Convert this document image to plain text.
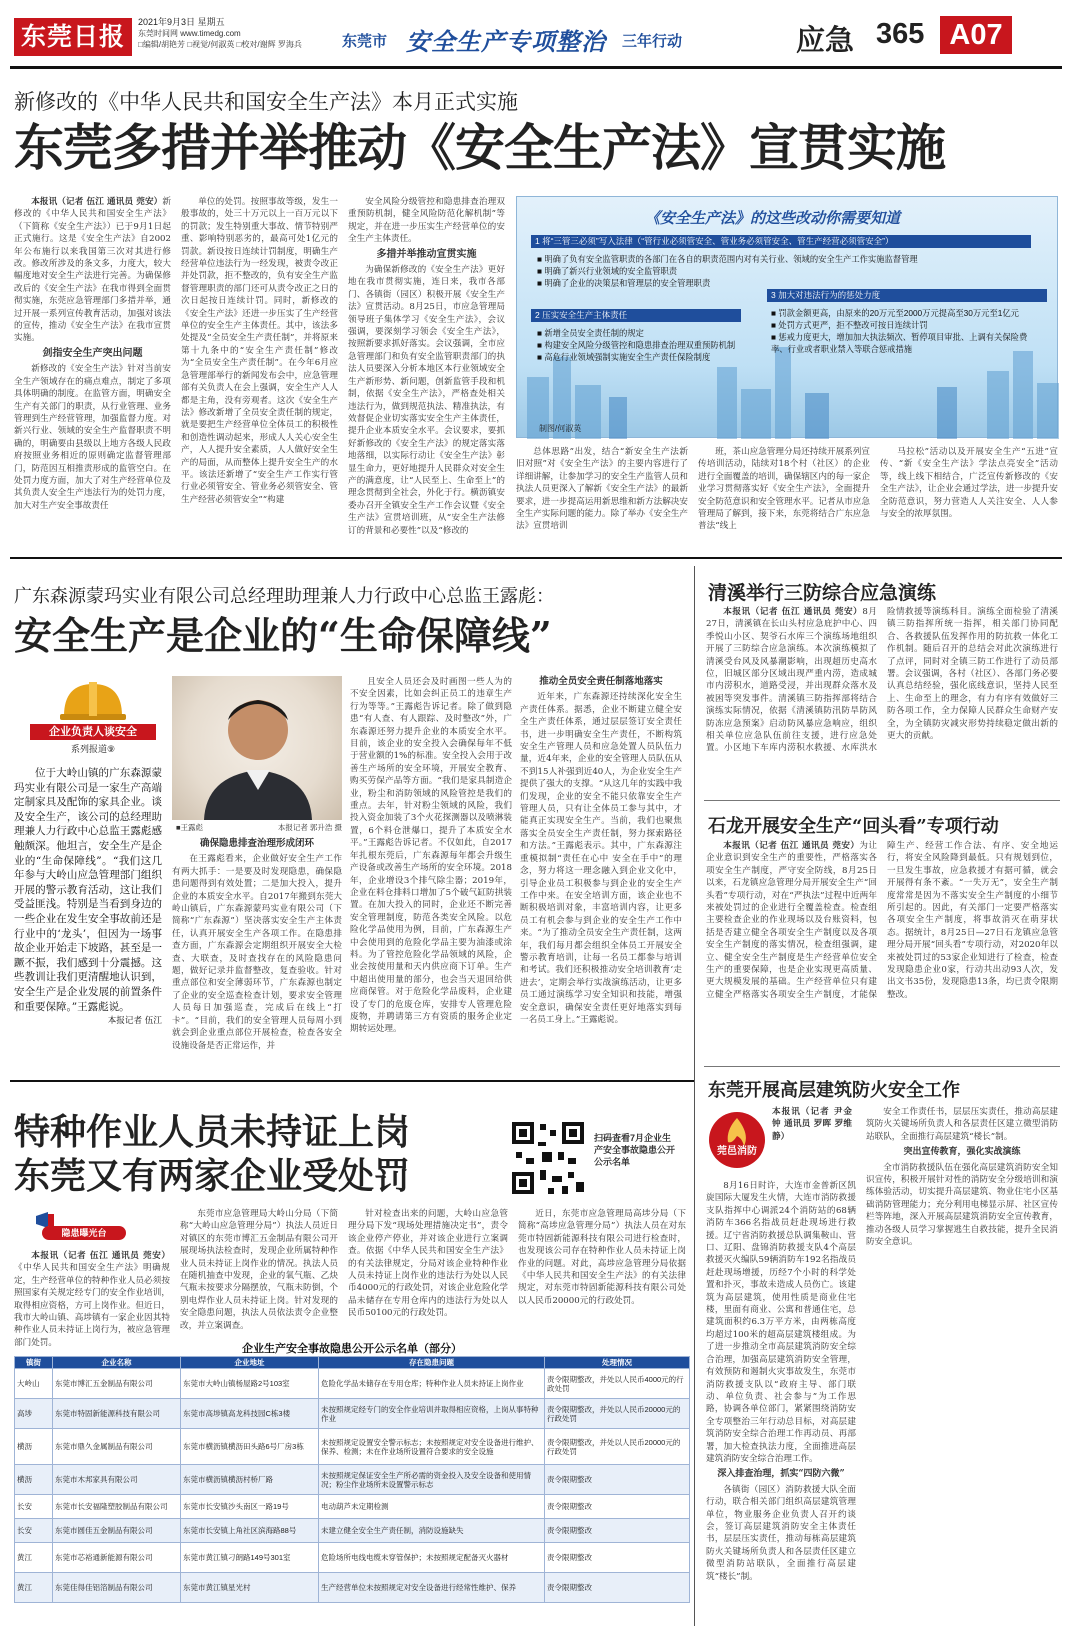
东莞日报	2021年9月3日 星期五
东莞时间网 www.timedg.com
□编辑/胡艳芳 □视觉/何淑英 □校对/谢辉 罗海兵	东莞市 安全生产专项整治 三年行动	应急 365 A07
新修改的《中华人民共和国安全生产法》本月正式实施
东莞多措并举推动《安全生产法》宣贯实施

本报讯（记者 伍江 通讯员 莞安）新修改的《中华人民共和国安全生产法》（下简称《安全生产法》）已于9月1日起正式施行。这是《安全生产法》自2002年公布施行以来我国第三次对其进行修改。修改所涉及的条文多，力度大，较大幅度地对安全生产法进行完善。为确保修改后的《安全生产法》在我市得到全面贯彻实施，东莞应急管理部门多措并举，通过开展一系列宣传教育活动，加强对该法的宣传，推动《安全生产法》在我市宣贯实施。

剑指安全生产突出问题

新修改的《安全生产法》针对当前安全生产领域存在的痛点难点，制定了多项具体明确的制度。在监管方面，明确安全生产有关部门的职责，从行业管理、业务管理到生产经营管理，加强监督力度。对新兴行业、领域的安全生产监督职责不明确的，明确要由县级以上地方各级人民政府按照业务相近的原则确定监督管理部门，防范因互相推责形成的监管空白。在处罚力度方面，加大了对生产经营单位及其负责人安全生产违法行为的处罚力度，加大对生产安全事故责任

单位的处罚。按照事故等级，发生一般事故的，处三十万元以上一百万元以下的罚款；发生特别重大事故、情节特别严重、影响特别恶劣的，最高可处1亿元的罚款。新设按日连续计罚制度，明确生产经营单位违法行为一经发现，被责令改正并处罚款，拒不整改的，负有安全生产监督管理职责的部门还可从责令改正之日的次日起按日连续计罚。同时，新修改的《安全生产法》还进一步压实了生产经营单位的安全生产主体责任。其中，该法多处提及“全员安全生产责任制”，并将原来第十九条中的“安全生产责任制”修改为“全员安全生产责任制”。在今年6月应急管理部举行的新闻发布会中，应急管理部有关负责人在会上强调，安全生产人人都是主角，没有旁观者。这次《安全生产法》修改新增了全员安全责任制的规定，就是要把生产经营单位全体员工的积极性和创造性调动起来，形成人人关心安全生产，人人提升安全素质，人人做好安全生产的局面，从而整体上提升安全生产的水平。该法还新增了“安全生产工作实行管行业必须管安全、管业务必须管安全、管生产经营必须管安全”“构建

安全风险分级管控和隐患排查治理双重预防机制，健全风险防范化解机制”等规定，并在进一步压实生产经营单位的安全生产主体责任。

多措并举推动宣贯实施

为确保新修改的《安全生产法》更好地在我市贯彻实施，连日来，我市各部门、各镇街（园区）积极开展《安全生产法》宣贯活动。8月25日，市应急管理局领导班子集体学习《安全生产法》，会议强调，要深刻学习领会《安全生产法》，按照新要求抓好落实。会议强调，全市应急管理部门和负有安全监管职责部门的执法人员要深入分析本地区本行业领域安全生产新形势、新问题，创新监管手段和机制，依据《安全生产法》，严格查处相关违法行为，做到规范执法、精准执法，有效督促企业切实落实安全生产主体责任，提升企业本质安全水平。会议要求，要抓好新修改的《安全生产法》的规定落实落地落细，以实际行动让《安全生产法》彰显生命力，更好地提升人民群众对安全生产的满意度，让“人民至上、生命至上”的理念贯彻到全社会，外化于行。横沥镇安委办召开全镇安全生产工作会议暨《安全生产法》宣贯培训班，从“安全生产法修订的背景和必要性”以及“修改的

《安全生产法》的这些改动你需要知道
1 将“三管三必须”写入法律（“管行业必须管安全、管业务必须管安全、管生产经营必须管安全”）
■ 明确了负有安全监管职责的各部门在各自的职责范围内对有关行业、领域的安全生产工作实施监督管理
■ 明确了新兴行业领域的安全监管职责
■ 明确了企业的决策层和管理层的安全管理职责
2 压实安全生产主体责任
■ 新增全员安全责任制的规定
■ 构建安全风险分级管控和隐患排查治理双重预防机制
■ 高危行业领域强制实施安全生产责任保险制度
3 加大对违法行为的惩处力度
■ 罚款金额更高，由原来的20万元至2000万元提高至30万元至1亿元
■ 处罚方式更严，拒不整改可按日连续计罚
■ 惩戒力度更大，增加加大执法频次、暂停项目审批、上调有关保险费率、行业或者职业禁入等联合惩戒措施
制图/何淑英

总体思路”出发，结合“新安全生产法新旧对照”对《安全生产法》的主要内容进行了详细讲解，让参加学习的安全生产监管人员和执法人员更深入了解新《安全生产法》的最新要求，进一步提高运用新思维和新方法解决安全生产实际问题的能力。除了举办《安全生产法》宣贯培训

班，茶山应急管理分局还持续开展系列宣传培训活动，陆续对18个村（社区）的企业进行全面覆盖的培训，确保辖区内的每一家企业学习贯彻落实好《安全生产法》，全面提升安全防范意识和安全管理水平。记者从市应急管理局了解到，接下来，东莞将结合广东应急普法“线上

马拉松”活动以及开展安全生产“五进”宣传、“新《安全生产法》学法点亮安全”活动等，线上线下相结合，广泛宣传新修改的《安全生产法》，让企业会通过学法，进一步提升安全防范意识，努力营造人人关注安全、人人参与安全的浓厚氛围。

广东森源蒙玛实业有限公司总经理助理兼人力行政中心总监王露彪：
安全生产是企业的“生命保障线”
企业负责人谈安全
系列报道⑨

位于大岭山镇的广东森源蒙玛实业有限公司是一家生产高端定制家具及配饰的家具企业。谈及安全生产，该公司的总经理助理兼人力行政中心总监王露彪感触颇深。他坦言，安全生产是企业的“生命保障线”。“我们这几年参与大岭山应急管理部门组织开展的警示教育活动，这让我们受益匪浅。特别是当看到身边的一些企业在发生安全事故前还是行业中的‘龙头’，但因为一场事故企业开始走下坡路，甚至是一蹶不振，我们感到十分震撼。这些教训让我们更清醒地认识到，安全生产是企业发展的前置条件和重要保障。”王露彪说。

本报记者 伍江
■王露彪	本报记者 郭升浩 摄
确保隐患排查治理形成闭环

在王露彪看来，企业做好安全生产工作有两大抓手：一是要及时发现隐患，确保隐患问题得到有效处置；二是加大投入，提升企业的本质安全水平。自2017年搬到东莞大岭山镇后，广东森源蒙玛实业有限公司（下简称“广东森源”）坚决落实安全生产主体责任，认真开展安全生产各项工作。在隐患排查方面，广东森源会定期组织开展安全大检查、大联查，及时查找存在的风险隐患问题，做好记录并监督整改，复查验收。针对重点部位和安全薄弱环节，广东森源也制定了企业的安全巡查检查计划，要求安全管理人员每日加强巡查，完成后在线上“打卡”。“目前，我们的安全管理人员每周小到就会到企业重点部位开展检查，检查各安全设施设备是否正常运作，并

且安全人员还会及时画图一些人为的不安全因素，比如会纠正员工的违章生产行为等等。”王露彪告诉记者。除了做到隐患“有人查、有人跟踪、及时整改”外，广东森源还努力提升企业的本质安全水平。目前，该企业的安全投入会确保每年不低于营业额的1%的标准。安全投入会用于改善生产场所的安全环境，开展安全教育、购买劳保产品等方面。“我们是家具制造企业，粉尘和消防领域的风险管控是我们的重点。去年，针对粉尘领域的风险，我们投入资金加装了3个火花探测器以及喷淋装置，6个料仓泄爆口，提升了本质安全水平。”王露彪告诉记者。不仅如此，自2017年扎根东莞后，广东森源每年都会升级生产设备或改善生产场所的安全环境。2018年，企业增设3个排气除尘器；2019年，企业在料仓排料口增加了5个破气缸防拱装置。在加大投入的同时，企业还不断完善安全管理制度，防范各类安全风险。以危险化学品使用为例，目前，广东森源生产中会使用到的危险化学品主要为油漆或涂料。为了管控危险化学品领域的风险，企业会按使用量和天内供应商下订单。生产中超出使用量的部分，也会当天退回给供应商保管。对于危险化学品废料，企业建设了专门的危废仓库，安排专人管理危险废物，并聘请第三方有资质的服务企业定期转运处理。

推动全员安全责任制落地落实

近年来，广东森源还持续深化安全生产责任体系。据悉，企业不断建立健全安全生产责任体系，通过层层签订安全责任书，进一步明确安全生产责任，不断构筑安全生产管理人员和应急处置人员队伍力量，近4年来，企业的安全管理人员队伍从不到15人补强到近40人，为企业安全生产提供了强大的支撑。“从这几年的实践中我们发现，企业的安全不能只依靠安全生产管理人员，只有让全体员工参与其中，才能真正实现安全生产。当前，我们也聚焦落实全员安全生产责任制，努力探索路径和方法。”王露彪表示。其中，广东森源注重模拟制“责任在心中 安全在手中”的理念，努力将这一理念融入到企业文化中，引导企业员工积极参与到企业的安全生产工作中来。在安全培训方面，该企业也不断积极培训对象，丰富培训内容，让更多员工有机会参与到企业的安全生产工作中来。“为了推动全员安全生产责任制，这两年，我们每月都会组织全体员工开展安全警示教育培训，让每一名员工都参与培训和考试。我们还积极推动安全培训教育‘走进去’，定期会举行实战演练活动，让更多员工通过演练学习安全知识和技能，增强安全意识，确保安全责任更好地落实到每一名员工身上。”王露彪说。

清溪举行三防综合应急演练

本报讯（记者 伍江 通讯员 莞安）8月27日，清溪镇在长山头村应急庇护中心、四季悦山小区、契爷石水库三个演练场地组织开展了三防综合应急演练。本次演练模拟了清溪受台风及风暴潮影响，出现超历史高水位，旧城区部分区域出现严重内涝，造成城市内涝积水，道路受浸，并出现群众落水及被困等突发事件。清溪镇三防指挥部将结合演练实际情况，依据《清溪镇防汛防旱防风防冻应急预案》启动防风暴应急响应，组织相关单位应急队伍前往支援，进行应急处置。小区地下车库内涝积水救援、水库洪水险情救援等演练科目。演练全面检验了清溪镇三防指挥所统一指挥，相关部门协同配合、各救援队伍发挥作用的防抗救一体化工作机制。随后召开的总结会对此次演练进行了点评，同时对全镇三防工作进行了动员部署。会议强调，各村（社区）、各部门务必要认真总结经验，强化底线意识，坚持人民至上、生命至上的理念，有力有序有效做好三防各项工作，全力保障人民群众生命财产安全，为全镇防灾减灾形势持续稳定做出新的更大的贡献。

石龙开展安全生产“回头看”专项行动

本报讯（记者 伍江 通讯员 莞安）为让企业意识到安全生产的重要性，严格落实各项安全生产制度，严守安全防线，8月25日以来，石龙镇应急管理分局开展安全生产“回头看”专项行动，对在“严执法”过程中近两年来被处罚过的企业进行全覆盖检查。检查组主要检查企业的作业现场以及台账资料，包括是否建立健全各项安全生产制度以及各项安全生产制度的落实情况，检查组强调，建立、健全安全生产制度是生产经营单位安全生产的重要保障，也是企业实现更高质量、更大规模发展的基础。生产经营单位只有建立健全严格落实各项安全生产制度，才能保障生产、经营工作合法、有序、安全地运行，将安全风险降到最低。只有规划到位，一旦发生事故，应急救援才有据可循，就会开展得有条不紊。“一失万无”，安全生产制度常常是因为不落实安全生产制度的小细节所引起的。因此，有关部门一定要严格落实各项安全生产制度，将事故消灭在萌芽状态。据统计，8月25日—27日石龙镇应急管理分局开展“回头看”专项行动，对2020年以来被处罚过的53家企业知进行了检查，检查发现隐患企业0家，行动共出动93人次，发出文书35份，发现隐患13条，均已责令限期整改。

东莞开展高层建筑防火安全工作
莞邑消防
本报讯（记者 尹金钟 通讯员 罗晖 罗维静）

8月16日时许，大连市金普新区凯旋国际大厦发生火情，大连市消防救援支队指挥中心调派24个消防站的68辆消防车366名指战员赶赴现场进行救援。辽宁省消防救援总队调集鞍山、营口、辽阳、盘锦消防救援支队4个高层救援灭火编队59辆消防车192名指战员赶赴现场增援，历经7个小时的科学处置和扑灭，事故未造成人员伤亡。该建筑为高层建筑，使用性质是商业住宅楼，里面有商业、公寓和普通住宅，总建筑面积约6.3万平方米，由两栋高度均超过100米的超高层建筑楼组成。为了进一步推动全市高层建筑消防安全综合治理，加强高层建筑消防安全管理，有效预防和遏制火灾事故发生，东莞市消防救援支队以“政府主导、部门联动、单位负责、社会参与”为工作思路，协调各单位部门，紧紧围绕消防安全专项整治三年行动总目标，对高层建筑消防安全综合治理工作再动员、再部署，加大检查执法力度，全面推进高层建筑消防安全综合治理工作。

深入排查治理，抓实“四防六微”

各镇街（园区）消防救援大队全面行动，联合相关部门组织高层建筑管理单位，物业服务企业负责人召开约谈会，签订高层建筑消防安全主体责任书，层层压实责任，推动每栋高层建筑防火关键场所负责人和各层责任区建立微型消防站联队，全面推行高层建筑“楼长”制。

安全工作责任书，层层压实责任，推动高层建筑防火关键场所负责人和各层责任区建立微型消防站联队，全面推行高层建筑“楼长”制。

突出宣传教育，强化实战演练

全市消防救援队伍在强化高层建筑消防安全知识宣传，积极开展针对性的消防安全分级培训和演练体验活动，切实提升高层建筑、物业住宅小区基础消防管理能力；充分利用电梯显示屏、社区宣传栏等阵地，深入开展高层建筑消防安全宣传教育，推动各级人员学习掌握逃生自救技能，提升全民消防安全意识。

特种作业人员未持证上岗
东莞又有两家企业受处罚
扫码查看7月企业生产安全事故隐患公开公示名单
隐患曝光台

本报讯（记者 伍江 通讯员 莞安）《中华人民共和国安全生产法》明确规定，生产经营单位的特种作业人员必须按照国家有关规定经专门的安全作业培训，取得相应资格，方可上岗作业。但近日，我市大岭山镇、高埗镇有一家企业因其特种作业人员未持证上岗行为，被应急管理部门处罚。

东莞市应急管理局大岭山分局（下简称“大岭山应急管理分局”）执法人员近日对镇区的东莞市博汇五金制品有限公司开展现场执法检查时，发现企业所属特种作业人员未持证上岗作业的情况。执法人员在随机抽查中发现，企业的氧气瓶、乙炔气瓶未按要求分隔摆放，气瓶未防倒，个别电焊作业人员未持证上岗。针对发现的安全隐患问题，执法人员依法责令企业整改，并立案调查。

针对检查出来的问题，大岭山应急管理分局下发“现场处理措施决定书”，责令该企业停产停业，并对该企业进行立案调查。依据《中华人民共和国安全生产法》的有关法律规定，分局对该企业特种作业人员未持证上岗作业的违法行为处以人民币4000元的行政处罚，对该企业危险化学品未储存在专用仓库内的违法行为处以人民币50100元的行政处罚。

近日，东莞市应急管理局高埗分局（下简称“高埗应急管理分局”）执法人员在对东莞市特固新能源科技有限公司进行检查时，也发现该公司存在特种作业人员未持证上岗作业的问题。对此，高埗应急管理分局依据《中华人民共和国安全生产法》的有关法律规定，对东莞市特固新能源科技有限公司处以人民币20000元的行政处罚。

企业生产安全事故隐患公开公示名单（部分）
镇街	企业名称	企业地址	存在隐患问题	处理情况
大岭山	东莞市博汇五金制品有限公司	东莞市大岭山镇杨屋路2号103室	危险化学品未储存在专用仓库；特种作业人员未持证上岗作业	责令限期整改，并处以人民币4000元的行政处罚
高埗	东莞市特固新能源科技有限公司	东莞市高埗镇高龙科技园C栋3楼	未按照规定经专门的安全作业培训并取得相应资格，上岗从事特种作业	责令限期整改，并处以人民币20000元的行政处罚
横沥	东莞市鼎久金属制品有限公司	东莞市横沥镇横沥田头路6号厂房3栋	未按照规定设置安全警示标志；未按照规定对安全设备进行维护、保养、检测；未在作业场所设置符合要求的安全设施	责令限期整改，并处以人民币20000元的行政处罚
横沥	东莞市木邦家具有限公司	东莞市横沥镇横沥村桥厂路	未按照规定保证安全生产所必需的资金投入及安全设备和使用情况；粉尘作业场所未设置警示标志	责令限期整改
长安	东莞市长安福隆塑胶制品有限公司	东莞市长安镇沙头南区一路19号	电动葫芦未定期检测	责令限期整改
长安	东莞市圆佳五金制品有限公司	东莞市长安镇上角社区滨海路88号	未建立健全安全生产责任制，消防设施缺失	责令限期整改
黄江	东莞市芯裕通新能源有限公司	东莞市黄江镇刁朗路149号301室	危险场所电线电缆未穿管保护；未按照规定配备灭火器材	责令限期整改
黄江	东莞佳得佳铝箔制品有限公司	东莞市黄江镇星光村	生产经营单位未按照规定对安全设备进行经常性维护、保养	责令限期整改
